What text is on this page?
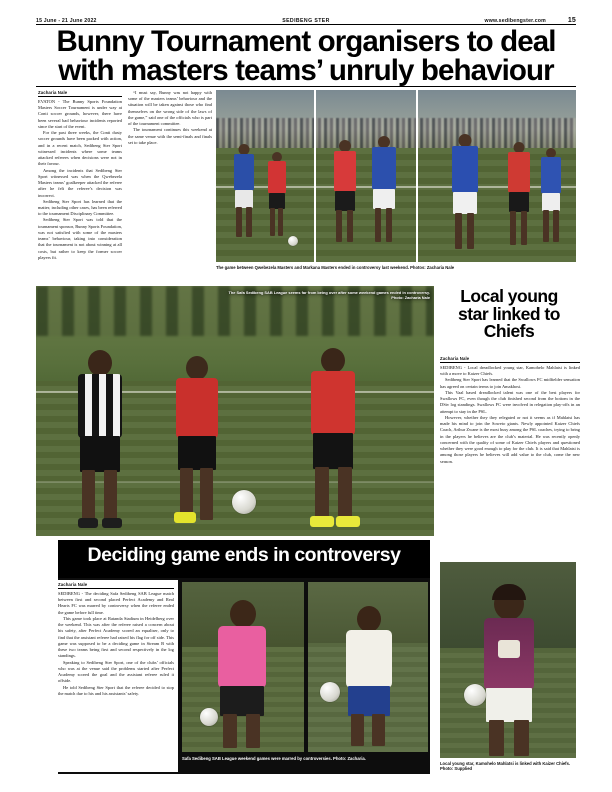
15 June - 21 June 2022	SEDIBENG STER	www.sedibengster.com	15
Bunny Tournament organisers to deal
with masters teams’ unruly behaviour
Zacharia Nale

EVATON - The Bunny Sports Foundation Masters Soccer Tournament is under way at Conti soccer grounds, however, there have been several bad behaviour incidents reported since the start of the event.

For the past three weeks, the Conti dusty soccer grounds have been packed with action, and in a recent match, Sedibeng Ster Sport witnessed incidents where some teams attacked referees when decisions were not in their favour.

Among the incidents that Sedibeng Ster Sport witnessed was when the Qwebezela Masters teams’ goalkeeper attacked the referee after he felt the referee’s decision was incorrect.

Sedibeng Ster Sport has learned that the matter, including other cases, has been referred to the tournament Disciplinary Committee.

Sedibeng Ster Sport was told that the tournament sponsor, Bunny Sports Foundation, was not satisfied with some of the masters teams’ behaviour, taking into consideration that the tournament is not about winning at all costs, but rather to keep the former soccer players fit.

“I must say, Bunny was not happy with some of the masters teams’ behaviour and the situation will be taken against those who find themselves on the wrong side of the laws of the game,” said one of the officials who is part of the tournament committee.

The tournament continues this weekend at the same venue with the semi-finals and finals set to take place.

The game between Qwebezela Masters and Markana Masters ended in controversy last weekend. Photos: Zacharia Nale
The Safa Sedibeng SAB League seems far from being over after some weekend games ended in controversy. Photo: Zacharia Nale	Local young
star linked to
Chiefs
Zacharia Nale

SEDIBENG - Local dreadlocked young star, Kamohelo Mahlatsi is linked with a move to Kaizer Chiefs.

Sedibeng Ster Sport has learned that the Swallows FC midfielder sensation has agreed on certain terms to join Amakhosi.

This Vaal based dreadlocked talent was one of the best players for Swallows FC, even though the club finished second from the bottom in the DStv log standings. Swallows FC were involved in relegation play-offs in an attempt to stay in the PSL.

However, whether they they relegated or not it seems as if Mahlatsi has made his mind to join the Soweto giants. Newly appointed Kaizer Chiefs Coach, Arthur Zwane is the most busy among the PSL coaches, trying to bring in the players he believes are the club’s material. He was recently openly concerned with the quality of some of Kaizer Chiefs players and questioned whether they were good enough to play for the club. It is said that Mahlatsi is among those players he believes will add value to the club, come the new season.

Local young star, Kamohelo Mahlatsi is linked with Kaizer Chiefs. Photo: Supplied
Deciding game ends in controversy
Zacharia Nale

SEDIBENG - The deciding Safa Sedibeng SAB League match between first and second placed Perfect Academy and Real Hearts FC was marred by controversy when the referee ended the game before full time.

This game took place at Ratanda Stadium in Heidelberg over the weekend. This was after the referee raised a concern about his safety, after Perfect Academy scored an equaliser, only to find that the assistant referee had raised his flag for off side. This game was supposed to be a deciding game in Stream B with these two teams being first and second respectively in the log standings.

Speaking to Sedibeng Ster Sport, one of the clubs’ officials who was at the venue said the problems started after Perfect Academy scored the goal and the assistant referee ruled it offside.

He told Sedibeng Ster Sport that the referee decided to stop the match due to his and his assistants’ safety.

Safa Sedibeng SAB League weekend games were marred by controversies. Photo: Zacharia.
